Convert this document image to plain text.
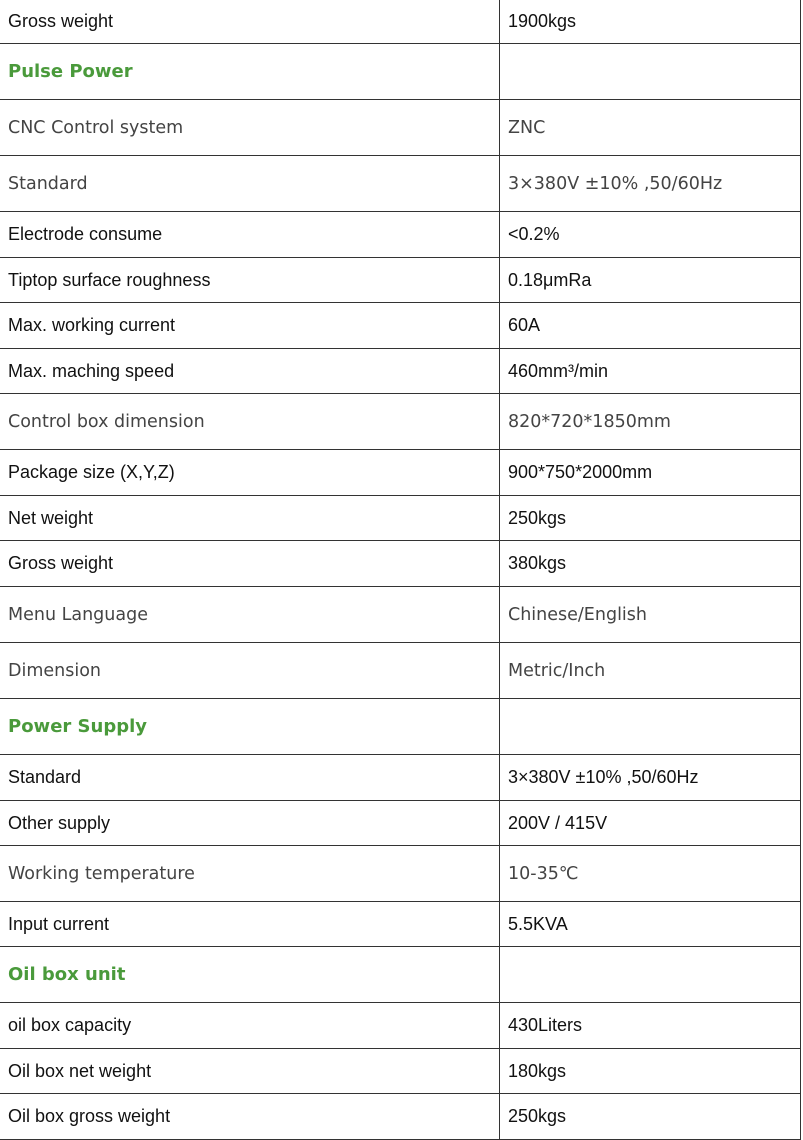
Gross weight	1900kgs
Pulse Power	
CNC Control system	ZNC
Standard	3×380V ±10% ,50/60Hz
Electrode consume	<0.2%
Tiptop surface roughness	0.18μmRa
Max. working current	60A
Max. maching speed	460mm³/min
Control box dimension	820*720*1850mm
Package size (X,Y,Z)	900*750*2000mm
Net weight	250kgs
Gross weight	380kgs
Menu Language	Chinese/English
Dimension	Metric/Inch
Power Supply	
Standard	3×380V ±10% ,50/60Hz
Other supply	200V / 415V
Working temperature	10-35℃
Input current	5.5KVA
Oil box unit	
oil box capacity	430Liters
Oil box net weight	180kgs
Oil box gross weight	250kgs
